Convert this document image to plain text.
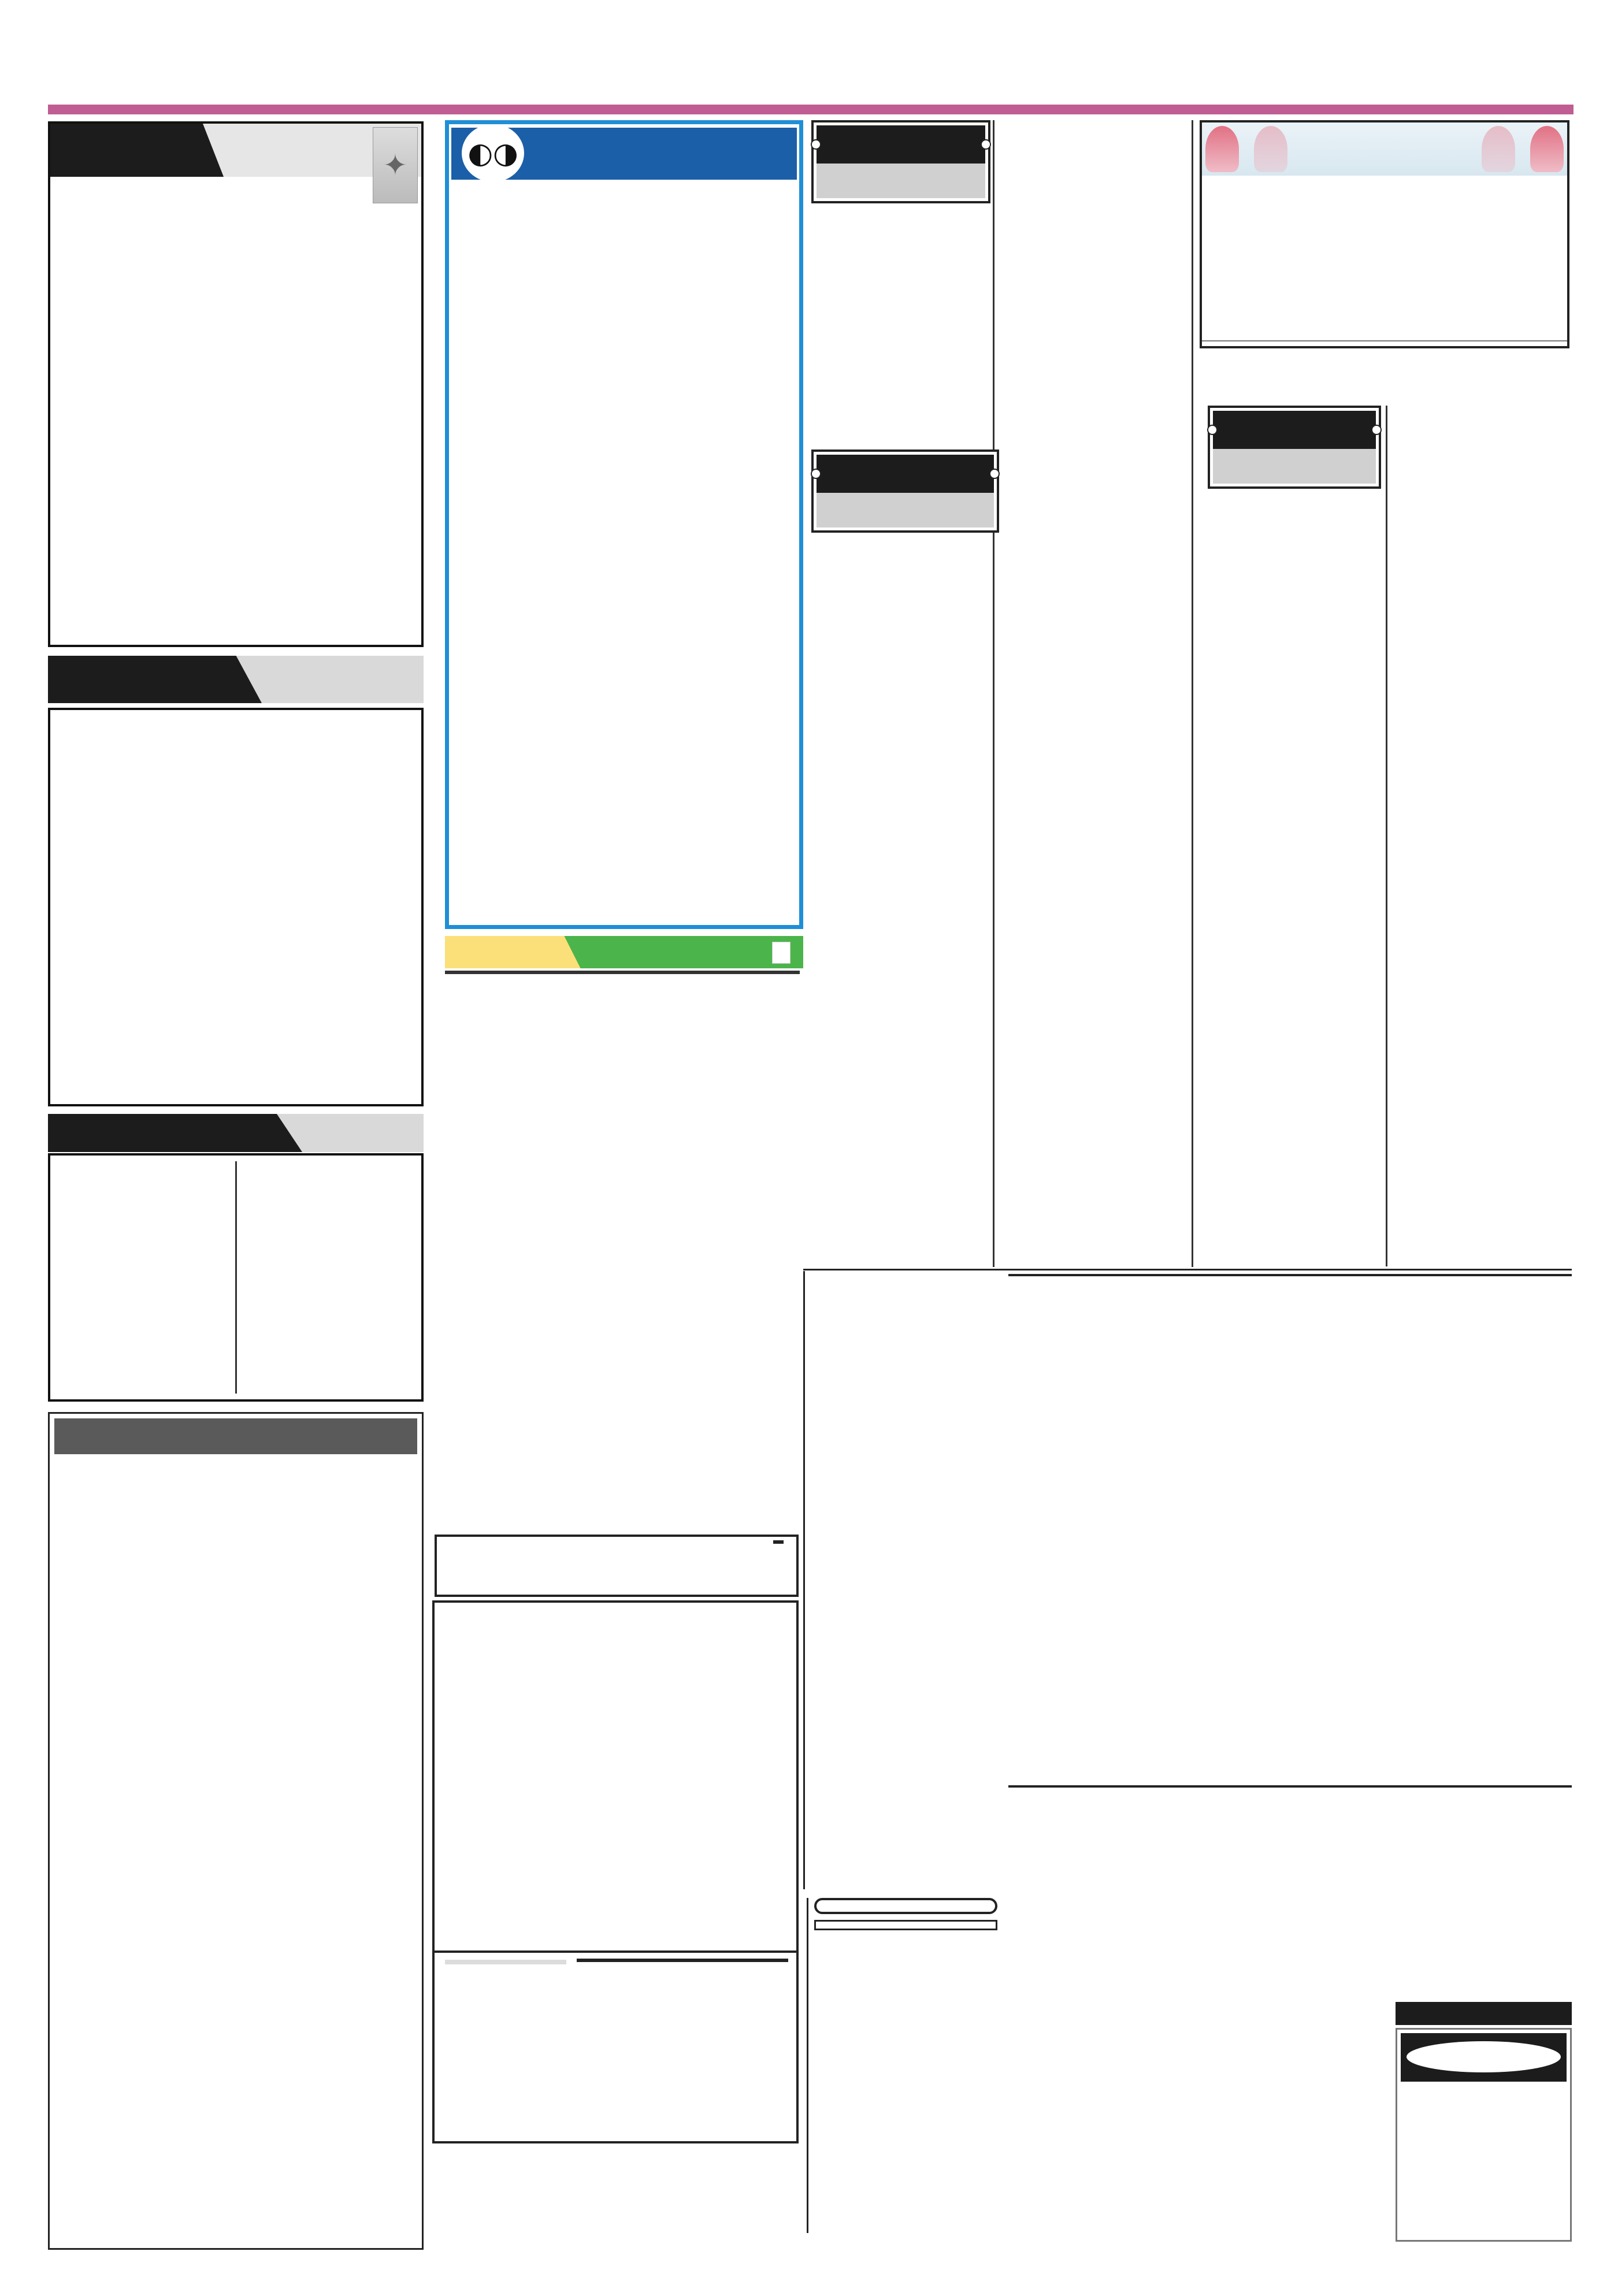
✦	◐◑
